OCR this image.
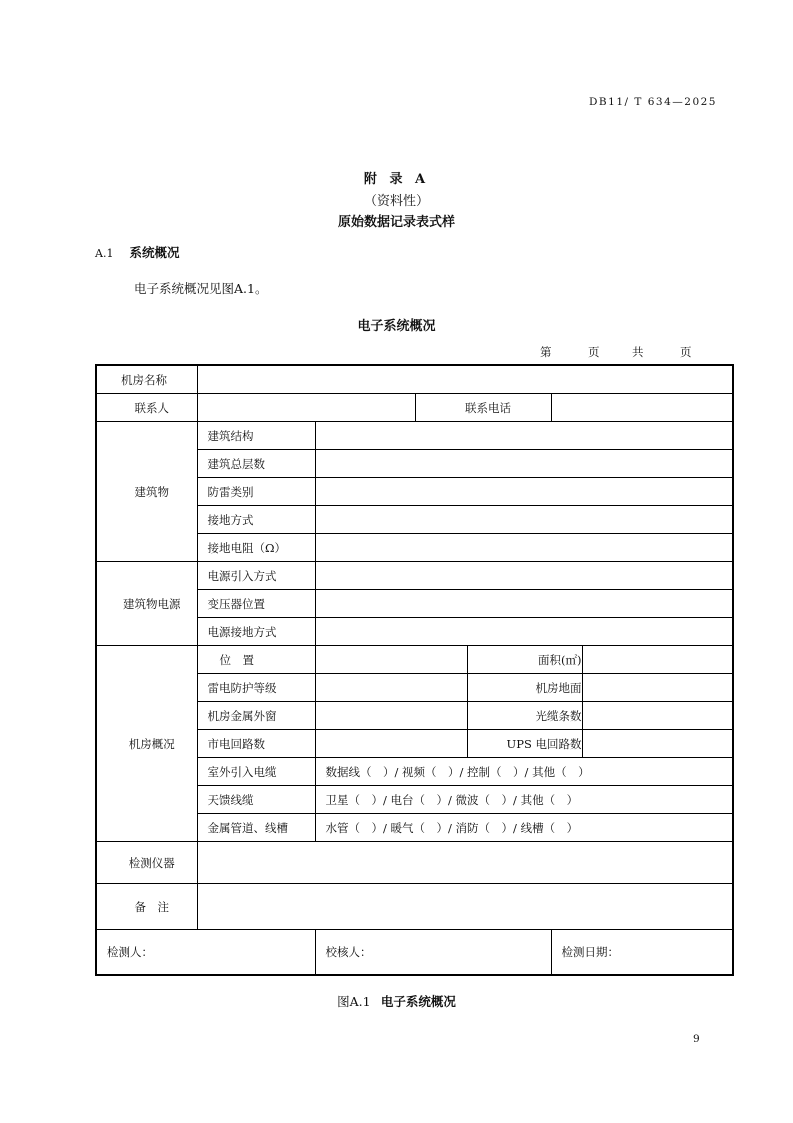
DB11/ T 634—2025
附 录 A
（资料性）
原始数据记录表式样
A.1 系统概况
电子系统概况见图A.1。
电子系统概况
第	页	共	页
机房名称						
联系人			联系电话			
建筑物	建筑结构					
	建筑总层数					
	防雷类别					
	接地方式					
	接地电阻（Ω）					
建筑物电源	电源引入方式					
	变压器位置					
	电源接地方式					
机房概况	位　置			面积(㎡)		
	雷电防护等级			机房地面		
	机房金属外窗			光缆条数		
	市电回路数			UPS 电回路数		
	室外引入电缆	数据线（　）/ 视频（　）/ 控制（　）/ 其他（　）				
	天馈线缆	卫星（　）/ 电台（　）/ 微波（　）/ 其他（　）				
	金属管道、线槽	水管（　）/ 暖气（　）/ 消防（　）/ 线槽（　）				
检测仪器						
备　注						
检测人：		校核人：			检测日期：	
图A.1 电子系统概况
9
